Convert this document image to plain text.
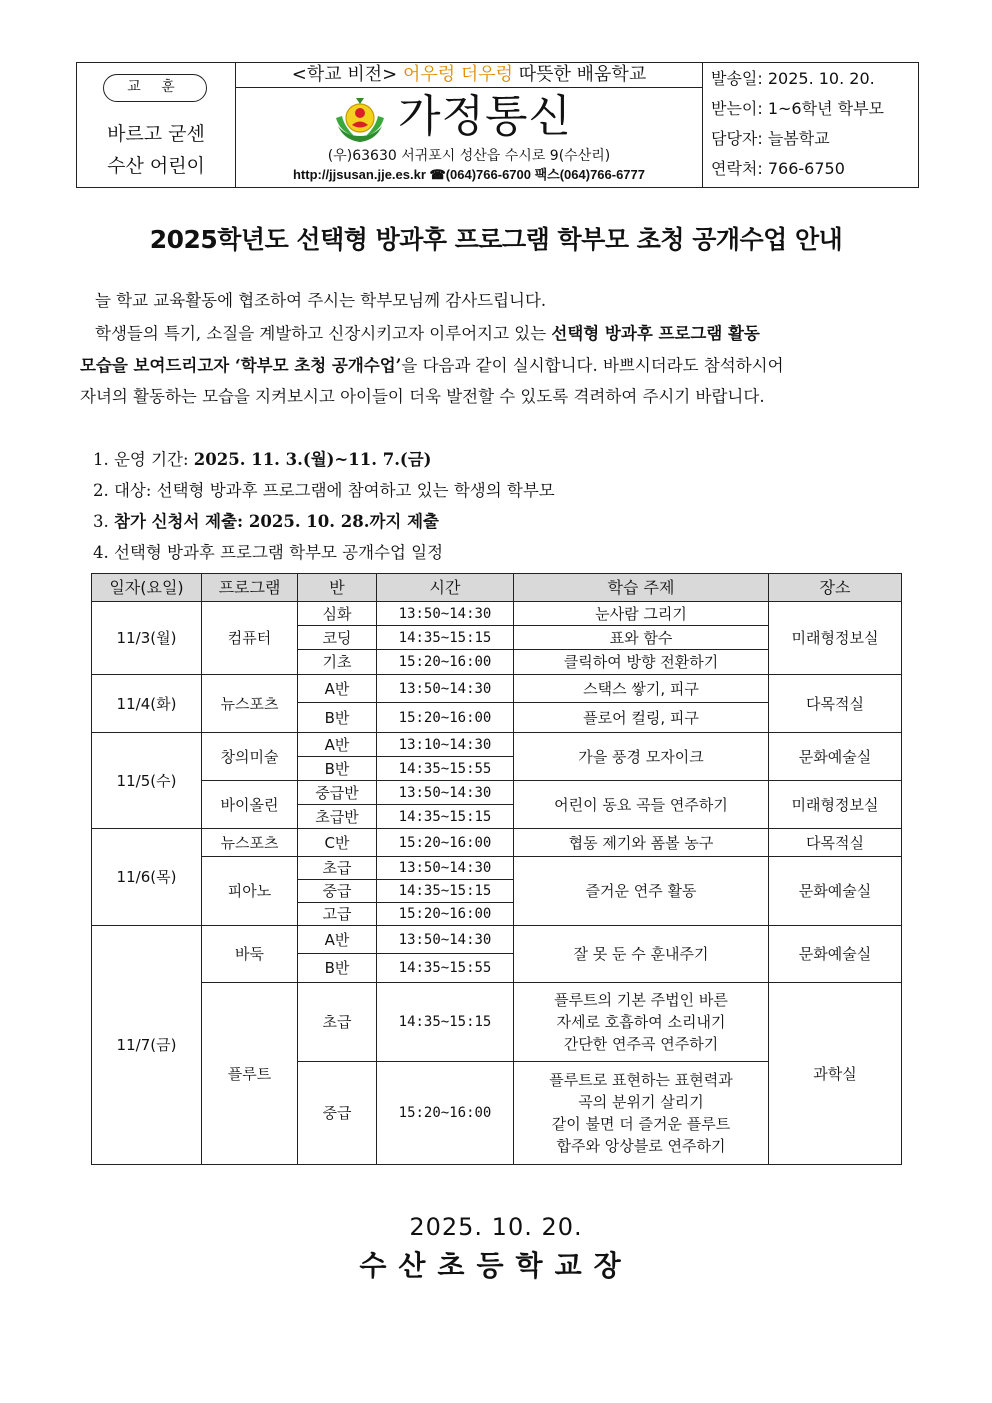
교 훈
바르고 굳센
수산 어린이
<학교 비전> 어우렁 더우렁 따뜻한 배움학교
가정통신
(우)63630 서귀포시 성산읍 수시로 9(수산리)
http://jjsusan.jje.es.kr ☎(064)766-6700 팩스(064)766-6777
발송일: 2025. 10. 20.
받는이: 1~6학년 학부모
담당자: 늘봄학교
연락처: 766-6750
2025학년도 선택형 방과후 프로그램 학부모 초청 공개수업 안내
늘 학교 교육활동에 협조하여 주시는 학부모님께 감사드립니다.
학생들의 특기, 소질을 계발하고 신장시키고자 이루어지고 있는 선택형 방과후 프로그램 활동
모습을 보여드리고자 ‘학부모 초청 공개수업’을 다음과 같이 실시합니다. 바쁘시더라도 참석하시어
자녀의 활동하는 모습을 지켜보시고 아이들이 더욱 발전할 수 있도록 격려하여 주시기 바랍니다.
1. 운영 기간: 2025. 11. 3.(월)~11. 7.(금)
2. 대상: 선택형 방과후 프로그램에 참여하고 있는 학생의 학부모
3. 참가 신청서 제출: 2025. 10. 28.까지 제출
4. 선택형 방과후 프로그램 학부모 공개수업 일정
일자(요일)	프로그램	반	시간	학습 주제	장소
11/3(월)	컴퓨터	심화	13:50~14:30	눈사람 그리기	미래형정보실
		코딩	14:35~15:15	표와 함수	
		기초	15:20~16:00	클릭하여 방향 전환하기	
11/4(화)	뉴스포츠	A반	13:50~14:30	스택스 쌓기, 피구	다목적실
		B반	15:20~16:00	플로어 컬링, 피구	
11/5(수)	창의미술	A반	13:10~14:30	가을 풍경 모자이크	문화예술실
		B반	14:35~15:55		
	바이올린	중급반	13:50~14:30	어린이 동요 곡들 연주하기	미래형정보실
		초급반	14:35~15:15		
11/6(목)	뉴스포츠	C반	15:20~16:00	협동 제기와 폼볼 농구	다목적실
	피아노	초급	13:50~14:30	즐거운 연주 활동	문화예술실
		중급	14:35~15:15		
		고급	15:20~16:00		
11/7(금)	바둑	A반	13:50~14:30	잘 못 둔 수 훈내주기	문화예술실
		B반	14:35~15:55		
	플루트	초급	14:35~15:15	플루트의 기본 주법인 바른
자세로 호흡하여 소리내기
간단한 연주곡 연주하기	과학실
		중급	15:20~16:00	플루트로 표현하는 표현력과
곡의 분위기 살리기
같이 불면 더 즐거운 플루트
합주와 앙상블로 연주하기	
2025. 10. 20.
수산초등학교장
